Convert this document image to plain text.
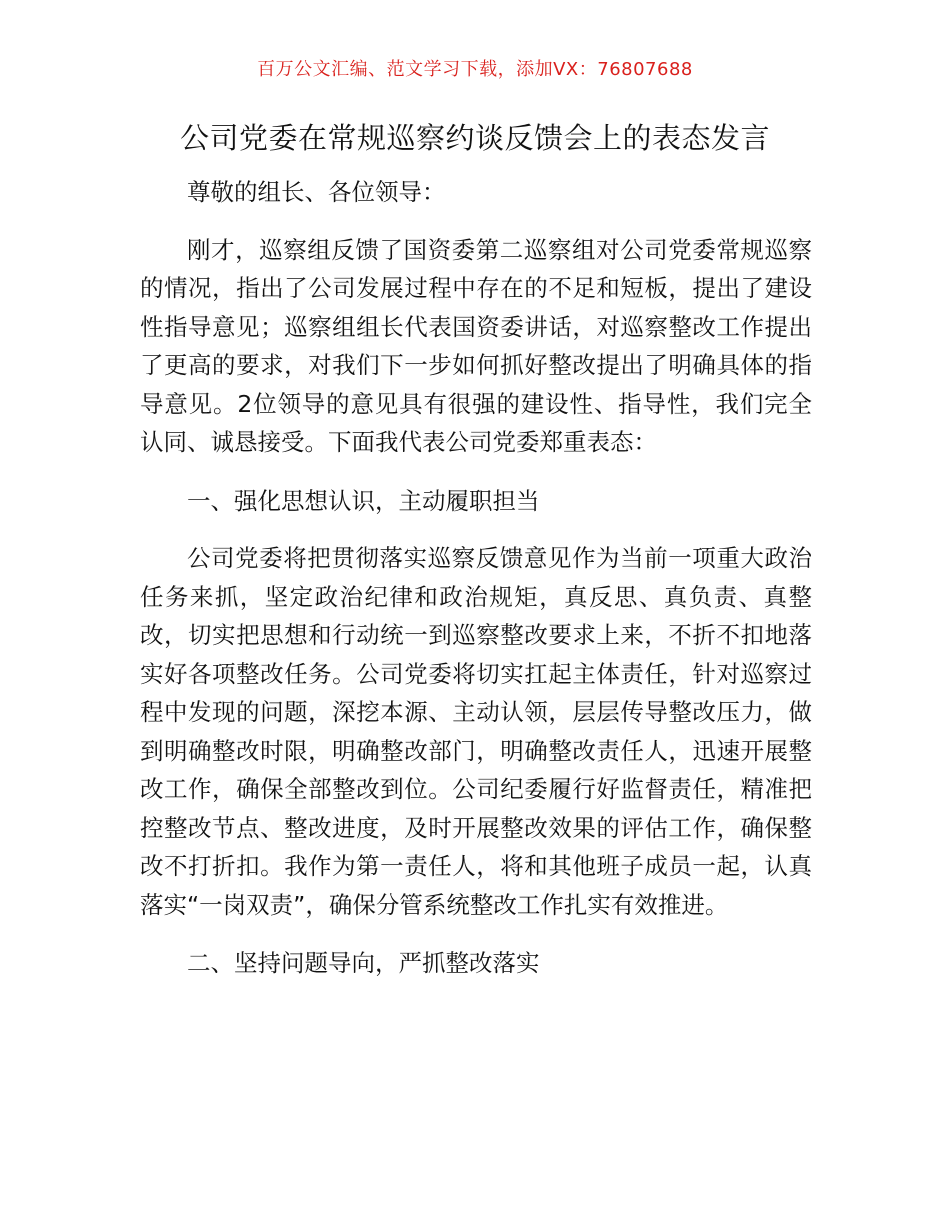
百万公文汇编、范文学习下载，添加VX：76807688
公司党委在常规巡察约谈反馈会上的表态发言

尊敬的组长、各位领导：

刚才，巡察组反馈了国资委第二巡察组对公司党委常规巡察的情况，指出了公司发展过程中存在的不足和短板，提出了建设性指导意见；巡察组组长代表国资委讲话，对巡察整改工作提出了更高的要求，对我们下一步如何抓好整改提出了明确具体的指导意见。2位领导的意见具有很强的建设性、指导性，我们完全认同、诚恳接受。下面我代表公司党委郑重表态：

一、强化思想认识，主动履职担当

公司党委将把贯彻落实巡察反馈意见作为当前一项重大政治任务来抓，坚定政治纪律和政治规矩，真反思、真负责、真整改，切实把思想和行动统一到巡察整改要求上来，不折不扣地落实好各项整改任务。公司党委将切实扛起主体责任，针对巡察过程中发现的问题，深挖本源、主动认领，层层传导整改压力，做到明确整改时限，明确整改部门，明确整改责任人，迅速开展整改工作，确保全部整改到位。公司纪委履行好监督责任，精准把控整改节点、整改进度，及时开展整改效果的评估工作，确保整改不打折扣。我作为第一责任人，将和其他班子成员一起，认真落实“一岗双责”，确保分管系统整改工作扎实有效推进。

二、坚持问题导向，严抓整改落实
